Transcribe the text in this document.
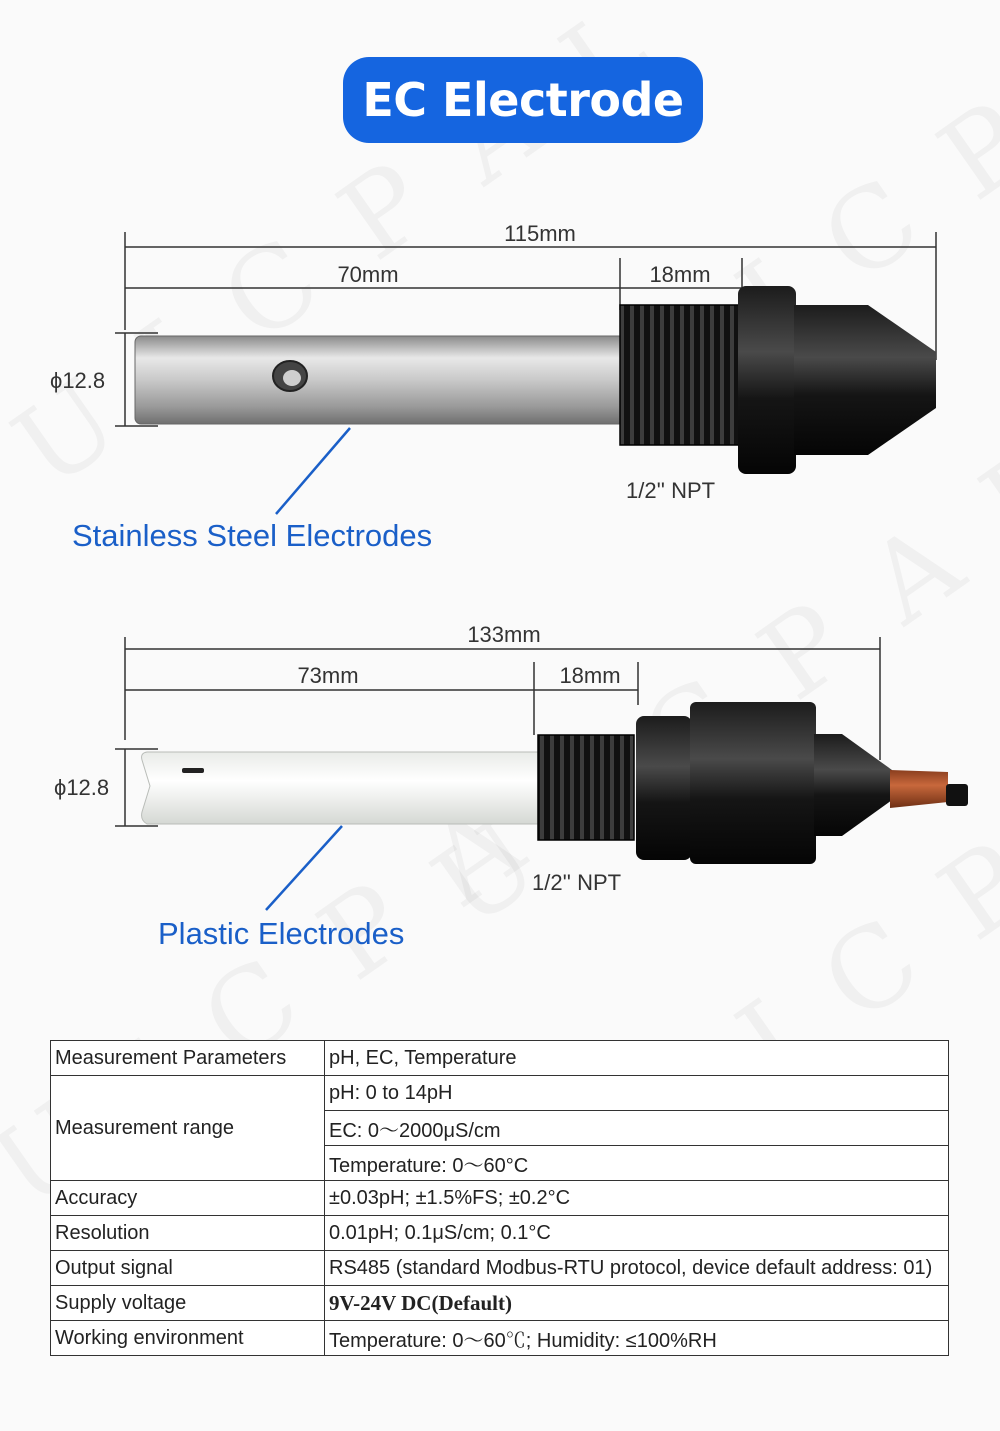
EC Electrode
115mm
70mm	18mm
ϕ12.8
1/2'' NPT
133mm
73mm	18mm
ϕ12.8
1/2'' NPT
Stainless Steel Electrodes
Plastic Electrodes
Measurement Parameters	pH, EC, Temperature
Measurement range	pH: 0 to 14pH
	EC: 0～2000μS/cm
	Temperature: 0～60°C
Accuracy	±0.03pH; ±1.5%FS; ±0.2°C
Resolution	0.01pH; 0.1μS/cm; 0.1°C
Output signal	RS485 (standard Modbus-RTU protocol, device default address: 01)
Supply voltage	9V-24V DC(Default)
Working environment	Temperature: 0～60℃; Humidity: ≤100%RH
